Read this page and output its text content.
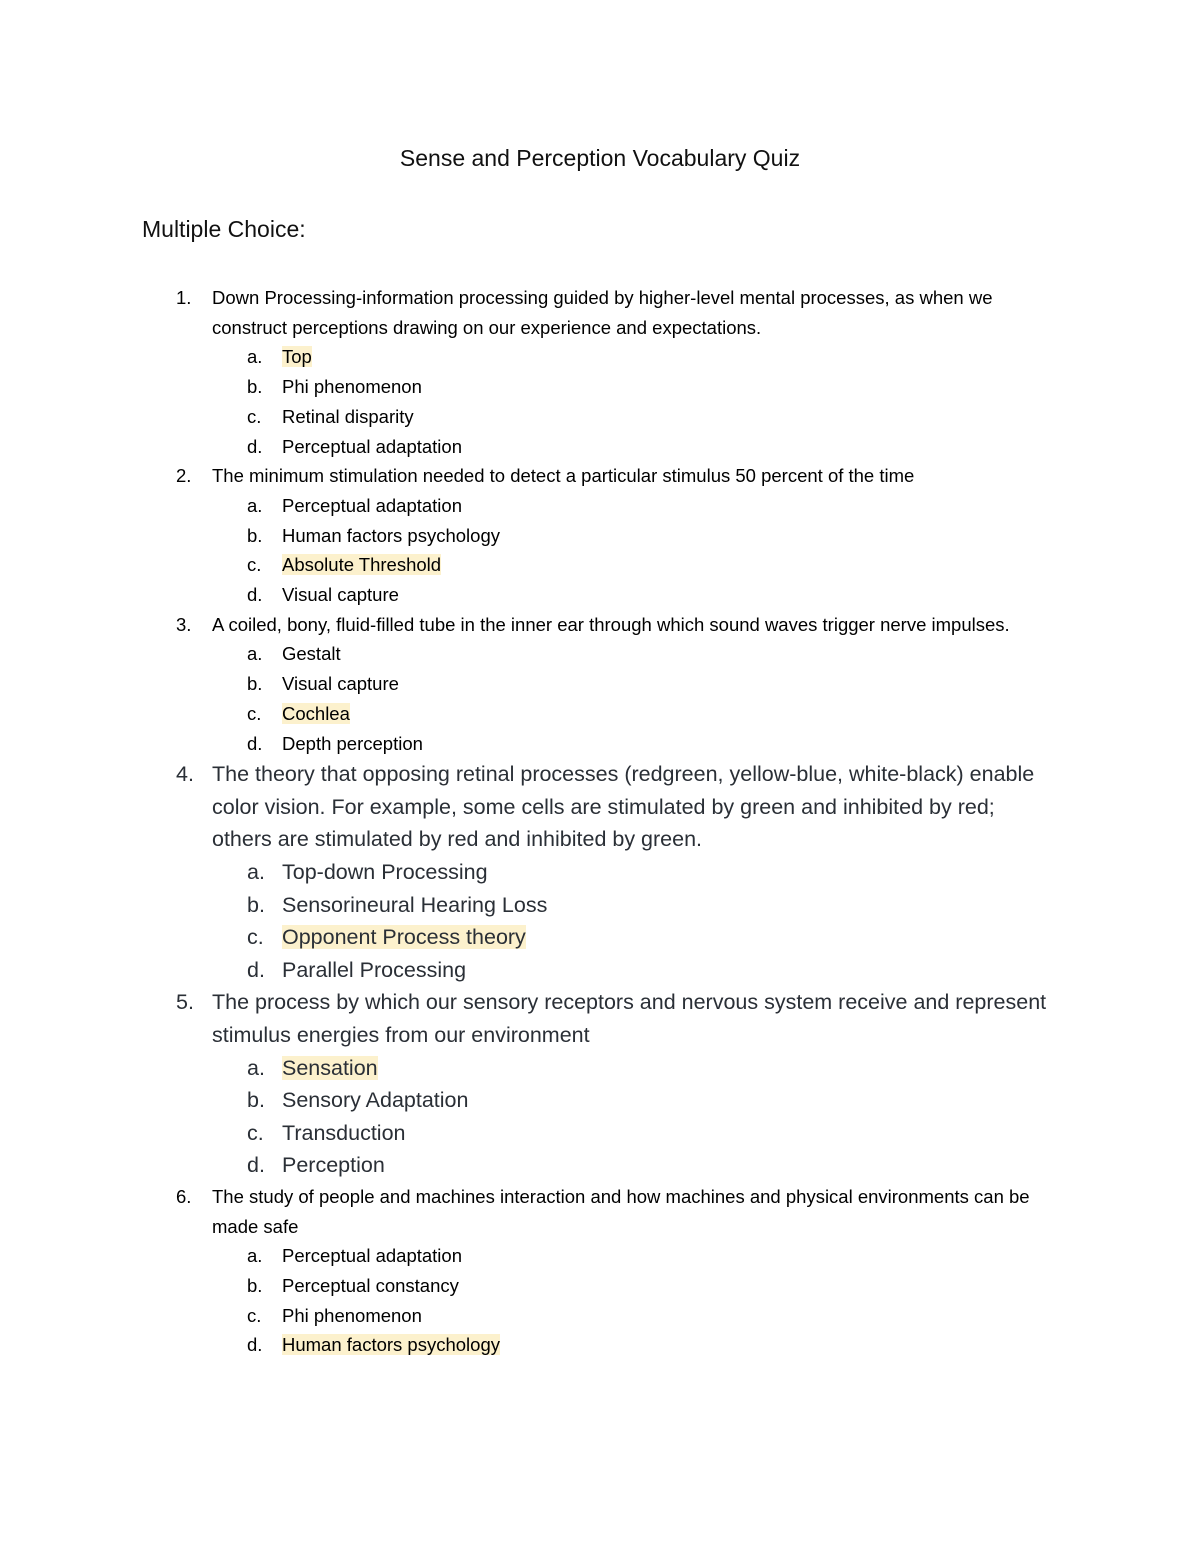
Sense and Perception Vocabulary Quiz
Multiple Choice:
1. Down Processing-information processing guided by higher-level mental processes, as when we construct perceptions drawing on our experience and expectations.
a. Top
b. Phi phenomenon
c. Retinal disparity
d. Perceptual adaptation
2. The minimum stimulation needed to detect a particular stimulus 50 percent of the time
a. Perceptual adaptation
b. Human factors psychology
c. Absolute Threshold
d. Visual capture
3. A coiled, bony, fluid-filled tube in the inner ear through which sound waves trigger nerve impulses.
a. Gestalt
b. Visual capture
c. Cochlea
d. Depth perception
4. The theory that opposing retinal processes (redgreen, yellow-blue, white-black) enable color vision. For example, some cells are stimulated by green and inhibited by red; others are stimulated by red and inhibited by green.
a. Top-down Processing
b. Sensorineural Hearing Loss
c. Opponent Process theory
d. Parallel Processing
5. The process by which our sensory receptors and nervous system receive and represent stimulus energies from our environment
a. Sensation
b. Sensory Adaptation
c. Transduction
d. Perception
6. The study of people and machines interaction and how machines and physical environments can be made safe
a. Perceptual adaptation
b. Perceptual constancy
c. Phi phenomenon
d. Human factors psychology
